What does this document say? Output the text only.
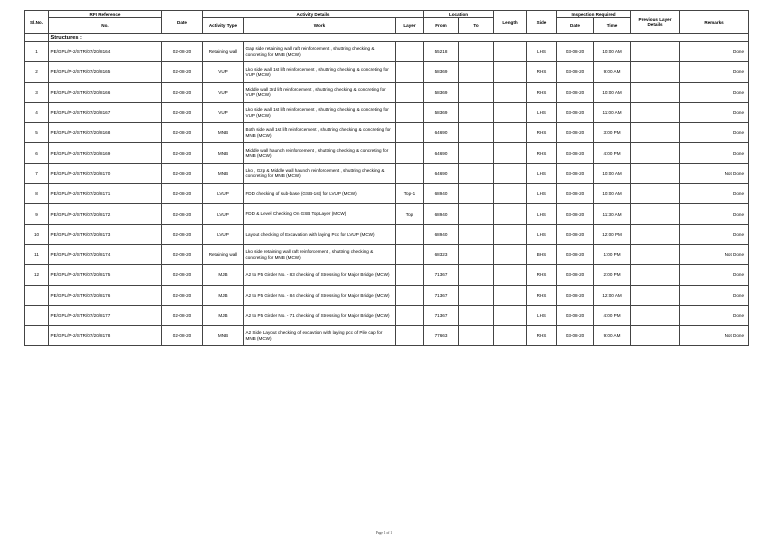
Sl.No.	RFI Reference	Date	Activity Details			Location		Length	Side	Inspection Required		Previous Layer Details	Remarks
	No.		Activity Type	Work	Layer	From	To			Date	Time		
	Structures :												
1	PE/GPL/P-2/STR/07/20/8164	02-08-20	Retaining wall	Gap side retaining wall raft reinforcement , shuttring checking & concreting for MNB (MCW)		55218			LHS	03-08-20	10:00 AM		Done
2	PE/GPL/P-2/STR/07/20/8165	02-08-20	VUP	Lko side wall 1st lift reinforcement , shuttring checking & concreting for VUP (MCW)		58369			RHS	03-08-20	9:00 AM		Done
3	PE/GPL/P-2/STR/07/20/8166	02-08-20	VUP	Middle wall 3rd lift reinforcement , shuttring checking & concreting for VUP (MCW)		58369			RHS	03-08-20	10:00 AM		Done
4	PE/GPL/P-2/STR/07/20/8167	02-08-20	VUP	Lko side wall 1st lift reinforcement , shuttring checking & concreting for VUP (MCW)		58369			LHS	03-08-20	11:00 AM		Done
5	PE/GPL/P-2/STR/07/20/8168	02-08-20	MNB	Both side wall 1st lift reinforcement , shuttring checking & concreting for MNB (MCW)		64690			RHS	03-08-20	3:00 PM		Done
6	PE/GPL/P-2/STR/07/20/8169	02-08-20	MNB	Middle wall haunch reinforcement , shuttring checking & concreting for MNB (MCW)		64690			RHS	03-08-20	4:00 PM		Done
7	PE/GPL/P-2/STR/07/20/8170	02-08-20	MNB	Lko , Gzp & Middle wall haunch reinforcement , shuttring checking & concreting for MNB (MCW)		64690			LHS	03-08-20	10:00 AM		Not Done
8	PE/GPL/P-2/STR/07/20/8171	02-08-20	LVUP	FDD checking of sub-base (GSB-1st) for LVUP (MCW)	Top-1	68940			LHS	03-08-20	10:00 AM		Done
9	PE/GPL/P-2/STR/07/20/8172	02-08-20	LVUP	FDD & Level Checking On GSB TopLayer (MCW)	Top	68940			LHS	03-08-20	11:30 AM		Done
10	PE/GPL/P-2/STR/07/20/8173	02-08-20	LVUP	Layout checking of Excavation with laying Pcc for LVUP (MCW)		68940			LHS	03-08-20	12:00 PM		Done
11	PE/GPL/P-2/STR/07/20/8174	02-08-20	Retaining wall	Lko side retaining wall raft reinforcement , shuttring checking & concreting for MNB (MCW)		68323			BHS	03-08-20	1:00 PM		Not Done
12	PE/GPL/P-2/STR/07/20/8175	02-08-20	MJB	A2 to P5 Girder No. - 83 checking of Stressing for Major Bridge (MCW)		71367			RHS	03-08-20	2:00 PM		Done
	PE/GPL/P-2/STR/07/20/8176	02-08-20	MJB	A2 to P5 Girder No. - 84 checking of Stressing for Major Bridge (MCW)		71367			RHS	03-08-20	12:00 AM		Done
	PE/GPL/P-2/STR/07/20/8177	02-08-20	MJB	A2 to P5 Girder No. - 71 checking of Stressing for Major Bridge (MCW)		71367			LHS	03-08-20	4:00 PM		Done
	PE/GPL/P-2/STR/07/20/8178	02-08-20	MNB	A2 Side Layout checking of excavtion with laying pcc of Pile cap for MNB (MCW)		77663			RHS	03-08-20	9:00 AM		Not Done
Page 1 of 1
